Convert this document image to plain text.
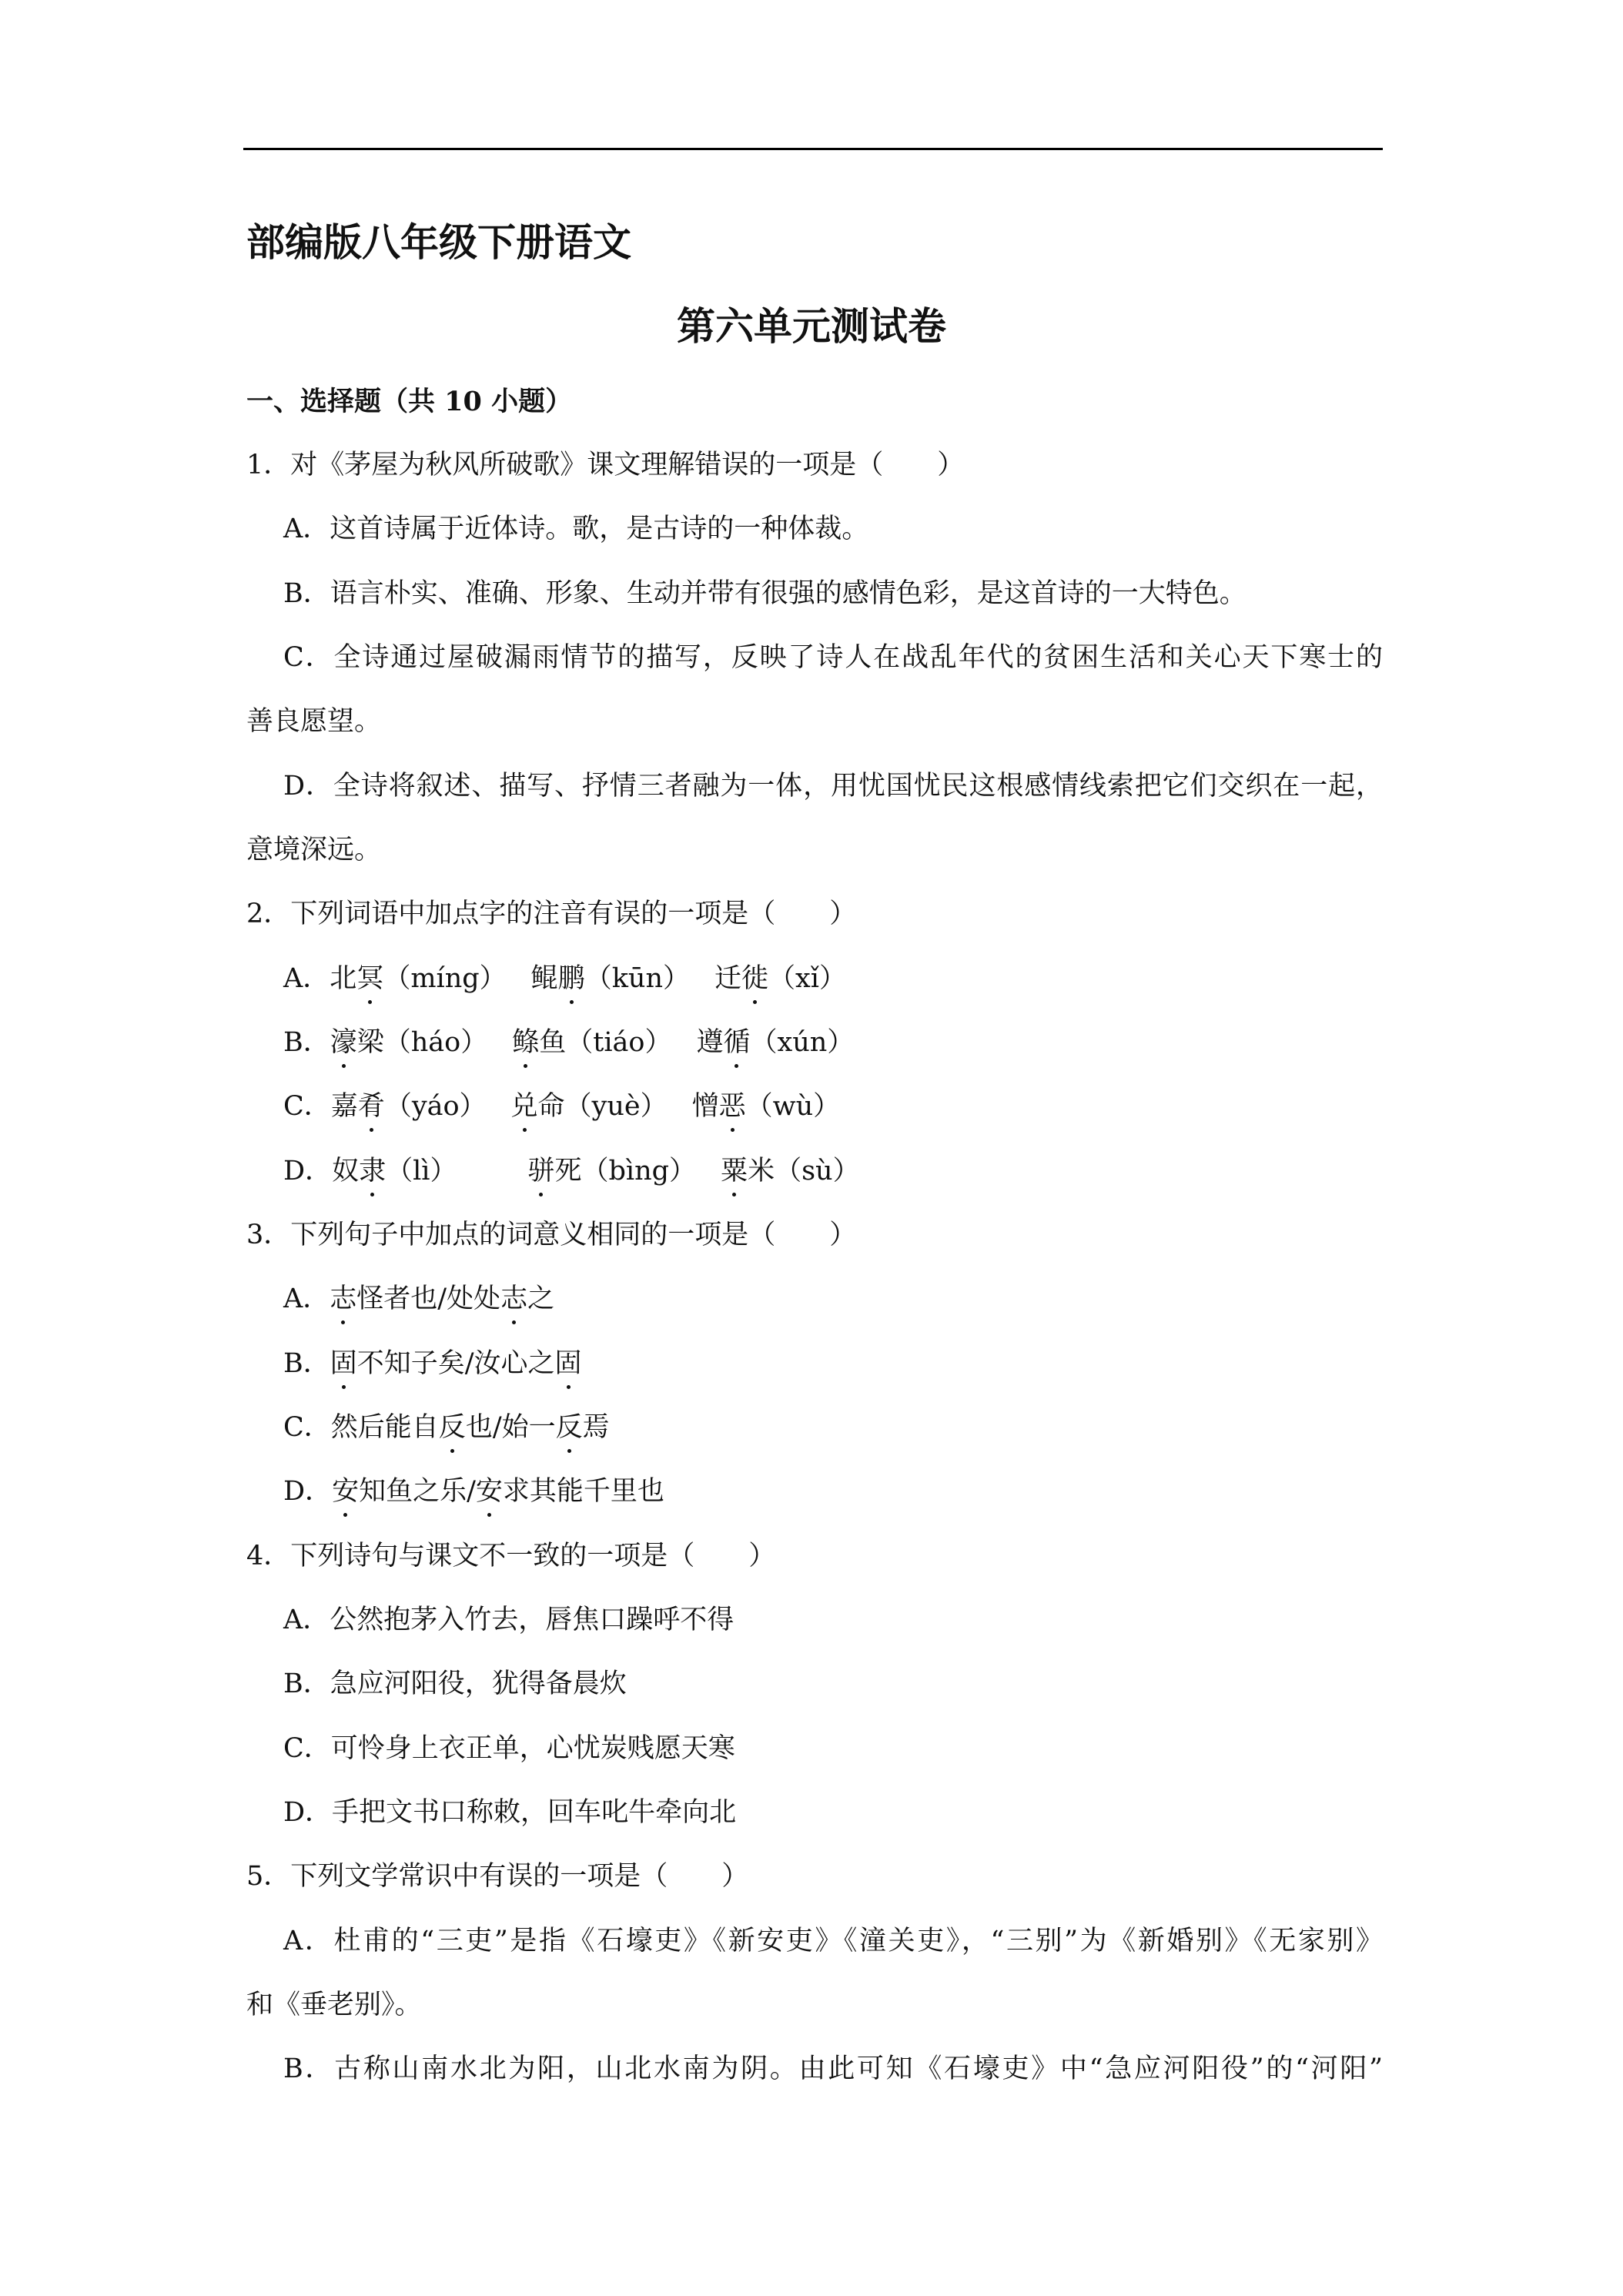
部编版八年级下册语文
第六单元测试卷
一、选择题（共 10 小题）
1．对《茅屋为秋风所破歌》课文理解错误的一项是（　　）
A．这首诗属于近体诗。歌，是古诗的一种体裁。
B．语言朴实、准确、形象、生动并带有很强的感情色彩，是这首诗的一大特色。
C．全诗通过屋破漏雨情节的描写，反映了诗人在战乱年代的贫困生活和关心天下寒士的
善良愿望。
D．全诗将叙述、描写、抒情三者融为一体，用忧国忧民这根感情线索把它们交织在一起，
意境深远。
2．下列词语中加点字的注音有误的一项是（　　）
A．北冥（míng） 鲲鹏（kūn） 迁徙（xǐ）
B．濠梁（háo） 鲦鱼（tiáo） 遵循（xún）
C．嘉肴（yáo） 兑命（yuè） 憎恶（wù）
D．奴隶（lì）	骈死（bìng） 粟米（sù）
3．下列句子中加点的词意义相同的一项是（　　）
A．志怪者也/处处志之
B．固不知子矣/汝心之固
C．然后能自反也/始一反焉
D．安知鱼之乐/安求其能千里也
4．下列诗句与课文不一致的一项是（　　）
A．公然抱茅入竹去，唇焦口躁呼不得
B．急应河阳役，犹得备晨炊
C．可怜身上衣正单，心忧炭贱愿天寒
D．手把文书口称敕，回车叱牛牵向北
5．下列文学常识中有误的一项是（　　）
A．杜甫的“三吏”是指《石壕吏》《新安吏》《潼关吏》，“三别”为《新婚别》《无家别》
和《垂老别》。
B．古称山南水北为阳，山北水南为阴。由此可知《石壕吏》中“急应河阳役”的“河阳”
